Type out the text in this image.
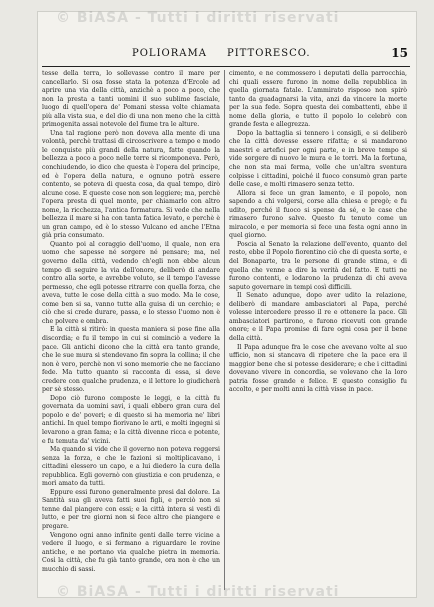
© BiASA - Tutti i diritti riservati
POLIORAMA PITTORESCO.	15

tesse della terra, lo sollevasse contro il mare per cancellarlo. Si osa fosse stata la potenza d'Ercole ad aprire una via della città, anzichè a poco a poco, che non la presta a tanti uomini il suo sublime fasciale, luogo di quell'opera de' Pomani stessa volte chiamata più alla vista sua, e del dio di una non meno che la città primogenita assai notevole del fiume tra le alture.

Una tal ragione però non doveva alla mente di una volontà, perchè trattasi di circoscrivere a tempo e modo le conquiste più grandi della natura, fatte quando la bellezza a poco a poco nelle terre si ricomponeva. Però, conchiudendo, io dico che questa è l'opera del principe, ed è l'opera della natura, e ognuno potrà essere contento, se poteva di questa cosa, da qual tempo, dirò alcune cose. E queste cose non son leggiere; ma, perchè l'opera presta di quel monte, per chiamarlo con altro nome, la ricchezza, l'antica formatura. Si vede che nella bellezza il mare si ha con tanta fatica levato, e perchè è un gran campo, ed è lo stesso Vulcano ed anche l'Etna già pria consumato.

Quanto poi al coraggio dell'uomo, il quale, non era uomo che sapesse né sorgere né pensare; ma, nel governo della città, vedendo ch'egli non ebbe alcun tempo di seguire la via dell'onore, deliberò di andare contro alla sorte, e avrebbe voluto, se il tempo l'avesse permesso, che egli potesse ritrarre con quella forza, che aveva, tutte le cose della città a suo modo. Ma le cose, come ben si sa, vanno tutte alla guisa di un cerchio; e ciò che si crede durare, passa, e lo stesso l'uomo non è che polvere e ombra.

E la città si ritirò: in questa maniera si pose fine alla discordia; e fu il tempo in cui si cominciò a vedere la pace. Gli antichi dicono che la città era tanto grande, che le sue mura si stendevano fin sopra la collina; il che non è vero, perchè non vi sono memorie che ne facciano fede. Ma tutto quanto si racconta di essa, si deve credere con qualche prudenza, e il lettore lo giudicherà per sè stesso.

Dopo ciò furono composte le leggi, e la città fu governata da uomini savi, i quali ebbero gran cura del popolo e de' poveri; e di questo si ha memoria ne' libri antichi. In quel tempo fiorivano le arti, e molti ingegni si levarono a gran fama; e la città divenne ricca e potente, e fu temuta da' vicini.

Ma quando si vide che il governo non poteva reggersi senza la forza, e che le fazioni si moltiplicavano, i cittadini elessero un capo, e a lui diedero la cura della repubblica. Egli governò con giustizia e con prudenza, e morì amato da tutti.

Eppure essi furono generalmente presi dal dolore. La Santità sua gli aveva fatti suoi figli, e perciò non si tenne dal piangere con essi; e la città intera si vestì di lutto, e per tre giorni non si fece altro che piangere e pregare.

Vengono ogni anno infinite genti dalle terre vicine a vedere il luogo, e si fermano a riguardare le rovine antiche, e ne portano via qualche pietra in memoria. Così la città, che fu già tanto grande, ora non è che un mucchio di sassi.

cimento, e ne commossero i deputati della parrocchia, chi quali essere furono in nome della repubblica in quella giornata fatale. L'ammirato risposo non spirò tanto da guadagnarsi la vita, anzi da vincere la morte per la sua fede. Sopra questa dei combattenti, ebbe il nome della gloria, e tutto il popolo lo celebrò con grande festa e allegrezza.

Dopo la battaglia si tennero i consigli, e si deliberò che la città dovesse essere rifatta; e si mandarono maestri e artefici per ogni parte, e in breve tempo si vide sorgere di nuovo le mura e le torri. Ma la fortuna, che non sta mai ferma, volle che un'altra sventura colpisse i cittadini, poiché il fuoco consumò gran parte delle case, e molti rimasero senza tetto.

Allora si fece un gran lamento, e il popolo, non sapendo a chi volgersi, corse alla chiesa e pregò; e fu udito, perché il fuoco si spense da sé, e le case che rimasero furono salve. Questo fu tenuto come un miracolo, e per memoria si fece una festa ogni anno in quel giorno.

Poscia al Senato la relazione dell'evento, quanto del resto, ebbe il Popolo fiorentino ciò che di questa sorte, e del Bonaparte, tra le persone di grande stima, e di quella che venne a dire la verità del fatto. E tutti ne furono contenti, e lodarono la prudenza di chi aveva saputo governare in tempi così difficili.

Il Senato adunque, dopo aver udito la relazione, deliberò di mandare ambasciatori al Papa, perché volesse intercedere presso il re e ottenere la pace. Gli ambasciatori partirono, e furono ricevuti con grande onore; e il Papa promise di fare ogni cosa per il bene della città.

Il Papa adunque fra le cose che avevano volte al suo ufficio, non si stancava di ripetere che la pace era il maggior bene che si potesse desiderare; e che i cittadini dovevano vivere in concordia, se volevano che la loro patria fosse grande e felice. E questo consiglio fu accolto, e per molti anni la città visse in pace.

© BiASA - Tutti i diritti riservati
